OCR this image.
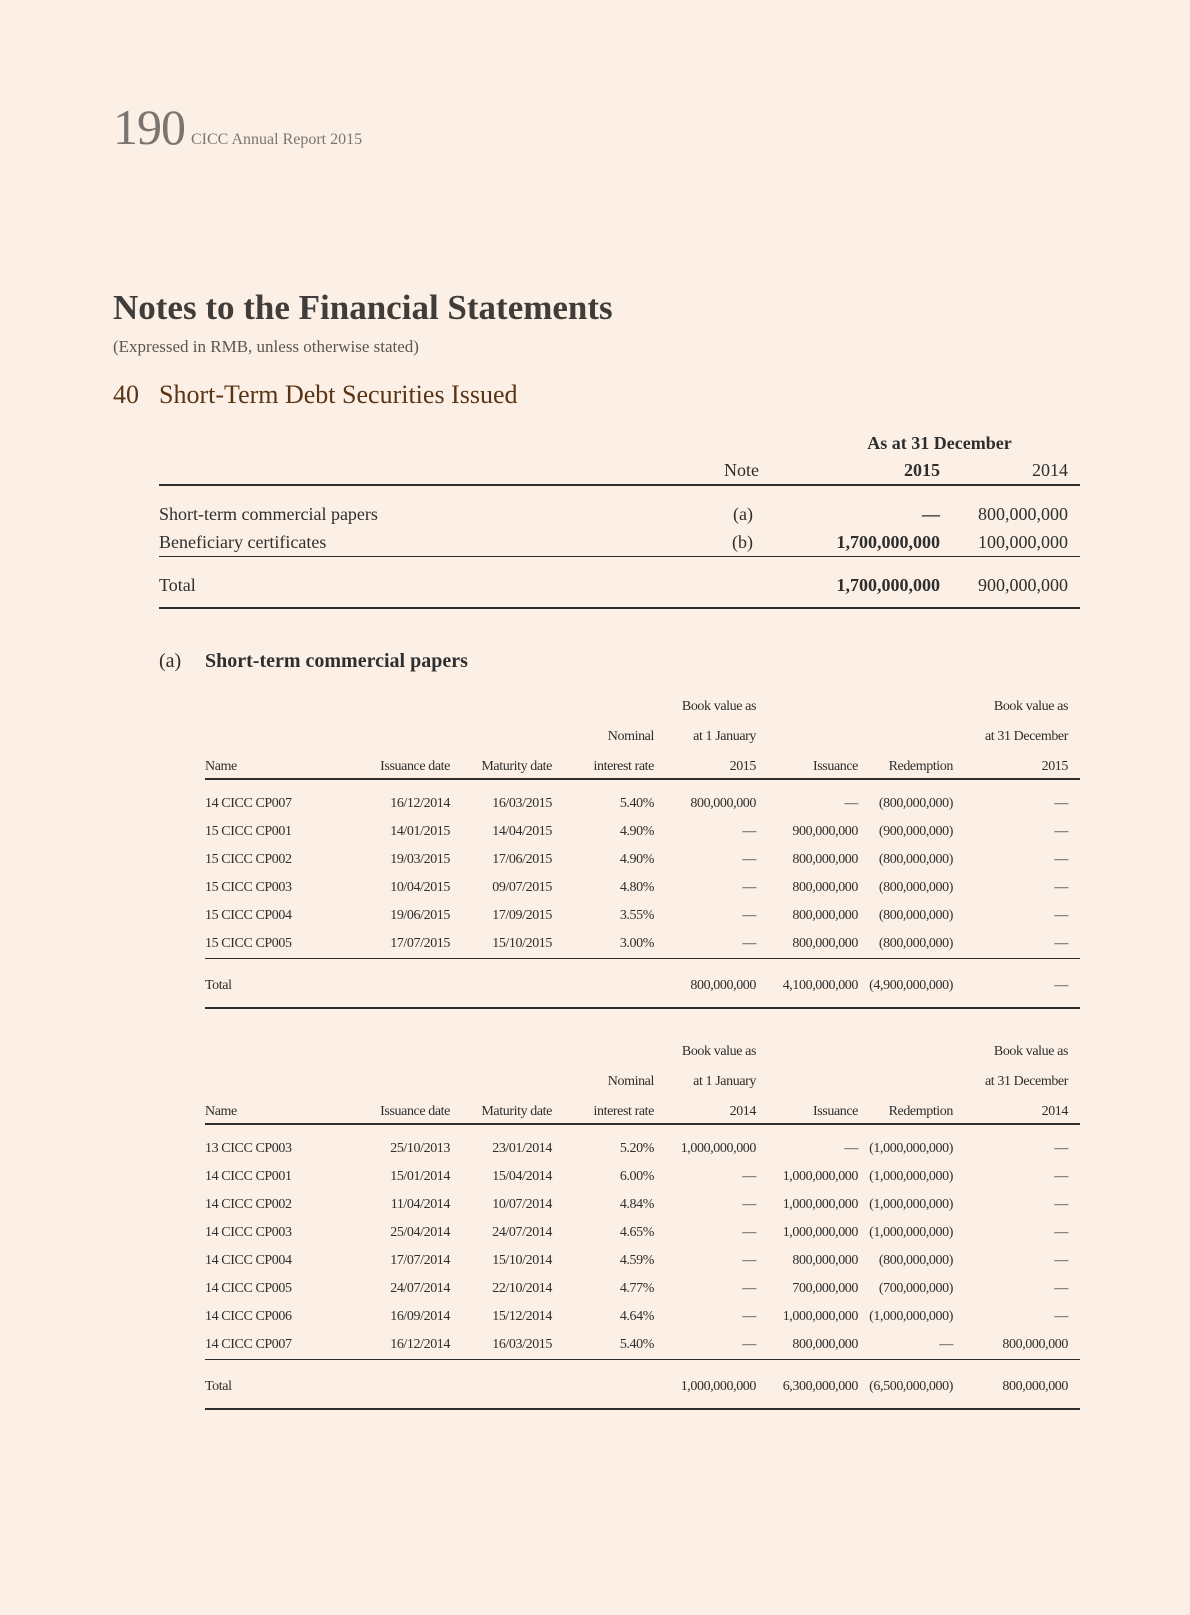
190 CICC Annual Report 2015
Notes to the Financial Statements
(Expressed in RMB, unless otherwise stated)
40 Short-Term Debt Securities Issued
		As at 31 December	
	Note	2015	2014
Short-term commercial papers	(a)	—	800,000,000
Beneficiary certificates	(b)	1,700,000,000	100,000,000
Total		1,700,000,000	900,000,000
(a) Short-term commercial papers
				Book value as			Book value as
			Nominal	at 1 January			at 31 December
Name	Issuance date	Maturity date	interest rate	2015	Issuance	Redemption	2015
14 CICC CP007	16/12/2014	16/03/2015	5.40%	800,000,000	—	(800,000,000)	—
15 CICC CP001	14/01/2015	14/04/2015	4.90%	—	900,000,000	(900,000,000)	—
15 CICC CP002	19/03/2015	17/06/2015	4.90%	—	800,000,000	(800,000,000)	—
15 CICC CP003	10/04/2015	09/07/2015	4.80%	—	800,000,000	(800,000,000)	—
15 CICC CP004	19/06/2015	17/09/2015	3.55%	—	800,000,000	(800,000,000)	—
15 CICC CP005	17/07/2015	15/10/2015	3.00%	—	800,000,000	(800,000,000)	—
Total				800,000,000	4,100,000,000	(4,900,000,000)	—
				Book value as			Book value as
			Nominal	at 1 January			at 31 December
Name	Issuance date	Maturity date	interest rate	2014	Issuance	Redemption	2014
13 CICC CP003	25/10/2013	23/01/2014	5.20%	1,000,000,000	—	(1,000,000,000)	—
14 CICC CP001	15/01/2014	15/04/2014	6.00%	—	1,000,000,000	(1,000,000,000)	—
14 CICC CP002	11/04/2014	10/07/2014	4.84%	—	1,000,000,000	(1,000,000,000)	—
14 CICC CP003	25/04/2014	24/07/2014	4.65%	—	1,000,000,000	(1,000,000,000)	—
14 CICC CP004	17/07/2014	15/10/2014	4.59%	—	800,000,000	(800,000,000)	—
14 CICC CP005	24/07/2014	22/10/2014	4.77%	—	700,000,000	(700,000,000)	—
14 CICC CP006	16/09/2014	15/12/2014	4.64%	—	1,000,000,000	(1,000,000,000)	—
14 CICC CP007	16/12/2014	16/03/2015	5.40%	—	800,000,000	—	800,000,000
Total				1,000,000,000	6,300,000,000	(6,500,000,000)	800,000,000
